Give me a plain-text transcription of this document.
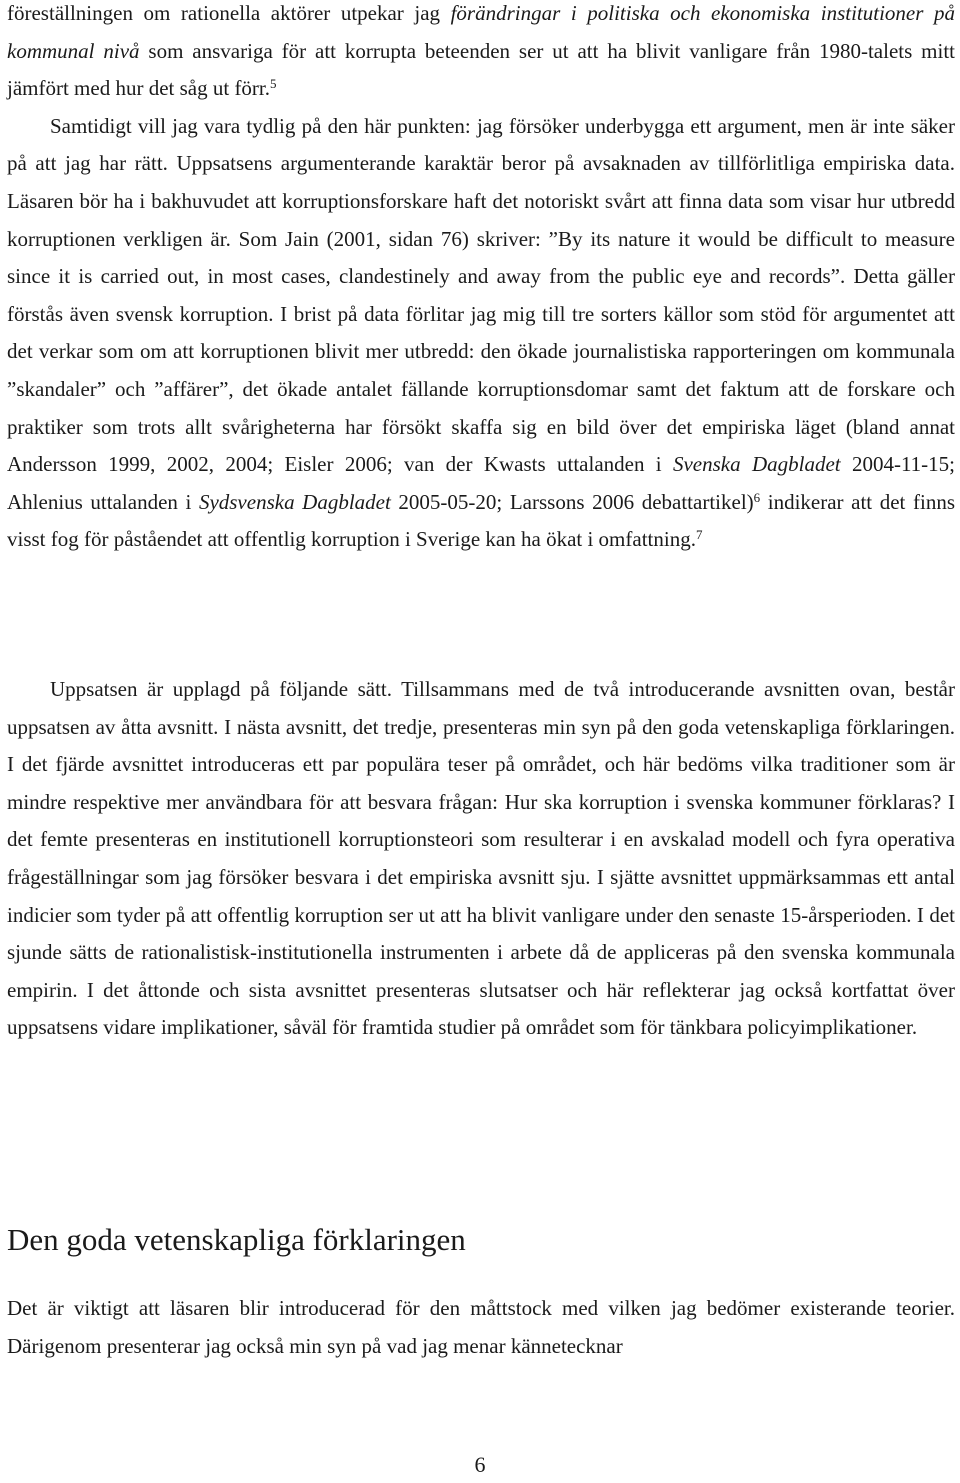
föreställningen om rationella aktörer utpekar jag förändringar i politiska och ekonomiska institutioner på kommunal nivå som ansvariga för att korrupta beteenden ser ut att ha blivit vanligare från 1980-talets mitt jämfört med hur det såg ut förr.$^5$
Samtidigt vill jag vara tydlig på den här punkten: jag försöker underbygga ett argument, men är inte säker på att jag har rätt. Uppsatsens argumenterande karaktär beror på avsaknaden av tillförlitliga empiriska data. Läsaren bör ha i bakhuvudet att korruptionsforskare haft det notoriskt svårt att finna data som visar hur utbredd korruptionen verkligen är. Som Jain (2001, sidan 76) skriver: ”By its nature it would be difficult to measure since it is carried out, in most cases, clandestinely and away from the public eye and records”. Detta gäller förstås även svensk korruption. I brist på data förlitar jag mig till tre sorters källor som stöd för argumentet att det verkar som om att korruptionen blivit mer utbredd: den ökade journalistiska rapporteringen om kommunala ”skandaler” och ”affärer”, det ökade antalet fällande korruptionsdomar samt det faktum att de forskare och praktiker som trots allt svårigheterna har försökt skaffa sig en bild över det empiriska läget (bland annat Andersson 1999, 2002, 2004; Eisler 2006; van der Kwasts uttalanden i Svenska Dagbladet 2004-11-15; Ahlenius uttalanden i Sydsvenska Dagbladet 2005-05-20; Larssons 2006 debattartikel)$^6$ indikerar att det finns visst fog för påståendet att offentlig korruption i Sverige kan ha ökat i omfattning.$^7$

Uppsatsen är upplagd på följande sätt. Tillsammans med de två introducerande avsnitten ovan, består uppsatsen av åtta avsnitt. I nästa avsnitt, det tredje, presenteras min syn på den goda vetenskapliga förklaringen. I det fjärde avsnittet introduceras ett par populära teser på området, och här bedöms vilka traditioner som är mindre respektive mer användbara för att besvara frågan: Hur ska korruption i svenska kommuner förklaras? I det femte presenteras en institutionell korruptionsteori som resulterar i en avskalad modell och fyra operativa frågeställningar som jag försöker besvara i det empiriska avsnitt sju. I sjätte avsnittet uppmärksammas ett antal indicier som tyder på att offentlig korruption ser ut att ha blivit vanligare under den senaste 15-årsperioden. I det sjunde sätts de rationalistisk-institutionella instrumenten i arbete då de appliceras på den svenska kommunala empirin. I det åttonde och sista avsnittet presenteras slutsatser och här reflekterar jag också kortfattat över uppsatsens vidare implikationer, såväl för framtida studier på området som för tänkbara policyimplikationer.

Den goda vetenskapliga förklaringen

Det är viktigt att läsaren blir introducerad för den måttstock med vilken jag bedömer existerande teorier. Därigenom presenterar jag också min syn på vad jag menar kännetecknar

6
